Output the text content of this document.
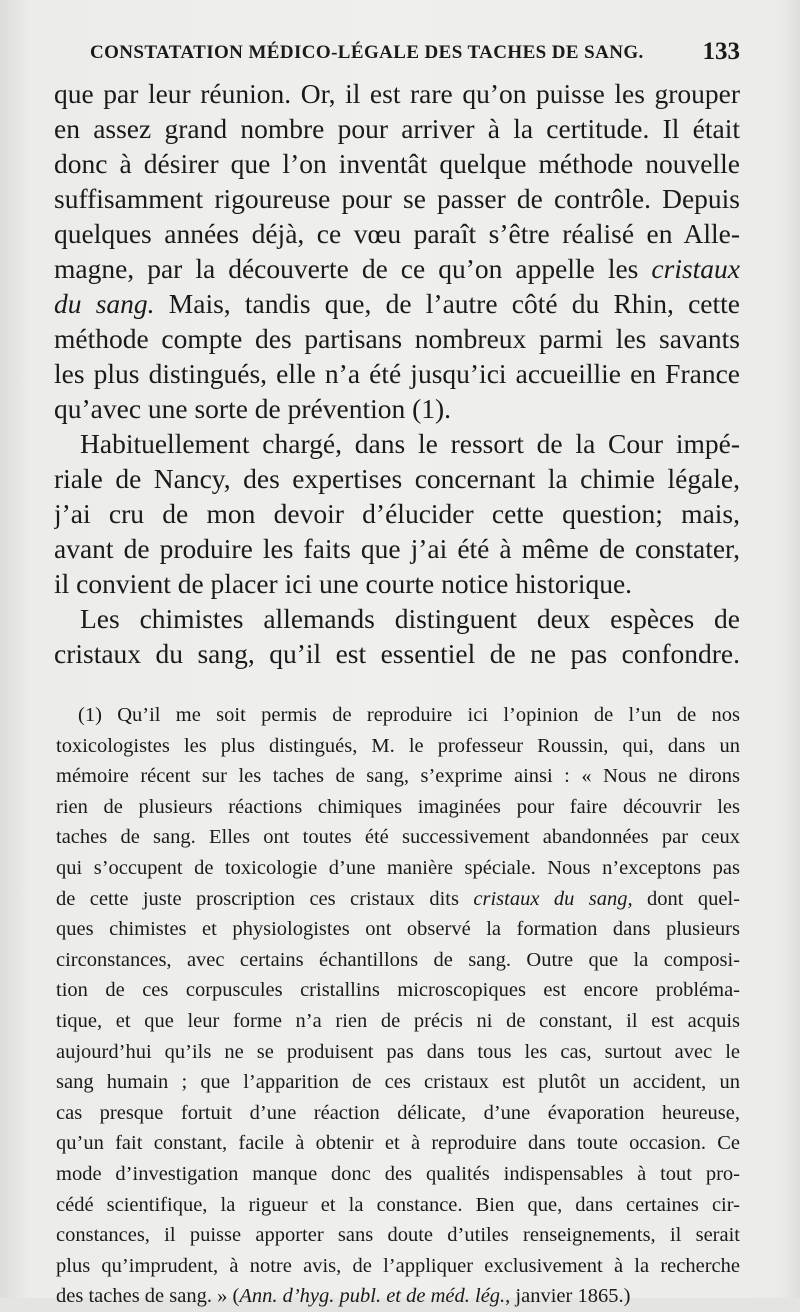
CONSTATATION MÉDICO-LÉGALE DES TACHES DE SANG. 133
que par leur réunion. Or, il est rare qu’on puisse les grouper
en assez grand nombre pour arriver à la certitude. Il était
donc à désirer que l’on inventât quelque méthode nouvelle
suffisamment rigoureuse pour se passer de contrôle. Depuis
quelques années déjà, ce vœu paraît s’être réalisé en Alle-
magne, par la découverte de ce qu’on appelle les cristaux
du sang. Mais, tandis que, de l’autre côté du Rhin, cette
méthode compte des partisans nombreux parmi les savants
les plus distingués, elle n’a été jusqu’ici accueillie en France
qu’avec une sorte de prévention (1).
Habituellement chargé, dans le ressort de la Cour impé-
riale de Nancy, des expertises concernant la chimie légale,
j’ai cru de mon devoir d’élucider cette question; mais,
avant de produire les faits que j’ai été à même de constater,
il convient de placer ici une courte notice historique.
Les chimistes allemands distinguent deux espèces de
cristaux du sang, qu’il est essentiel de ne pas confondre.
(1) Qu’il me soit permis de reproduire ici l’opinion de l’un de nos
toxicologistes les plus distingués, M. le professeur Roussin, qui, dans un
mémoire récent sur les taches de sang, s’exprime ainsi : « Nous ne dirons
rien de plusieurs réactions chimiques imaginées pour faire découvrir les
taches de sang. Elles ont toutes été successivement abandonnées par ceux
qui s’occupent de toxicologie d’une manière spéciale. Nous n’exceptons pas
de cette juste proscription ces cristaux dits cristaux du sang, dont quel-
ques chimistes et physiologistes ont observé la formation dans plusieurs
circonstances, avec certains échantillons de sang. Outre que la composi-
tion de ces corpuscules cristallins microscopiques est encore probléma-
tique, et que leur forme n’a rien de précis ni de constant, il est acquis
aujourd’hui qu’ils ne se produisent pas dans tous les cas, surtout avec le
sang humain ; que l’apparition de ces cristaux est plutôt un accident, un
cas presque fortuit d’une réaction délicate, d’une évaporation heureuse,
qu’un fait constant, facile à obtenir et à reproduire dans toute occasion. Ce
mode d’investigation manque donc des qualités indispensables à tout pro-
cédé scientifique, la rigueur et la constance. Bien que, dans certaines cir-
constances, il puisse apporter sans doute d’utiles renseignements, il serait
plus qu’imprudent, à notre avis, de l’appliquer exclusivement à la recherche
des taches de sang. » (Ann. d’hyg. publ. et de méd. lég., janvier 1865.)
